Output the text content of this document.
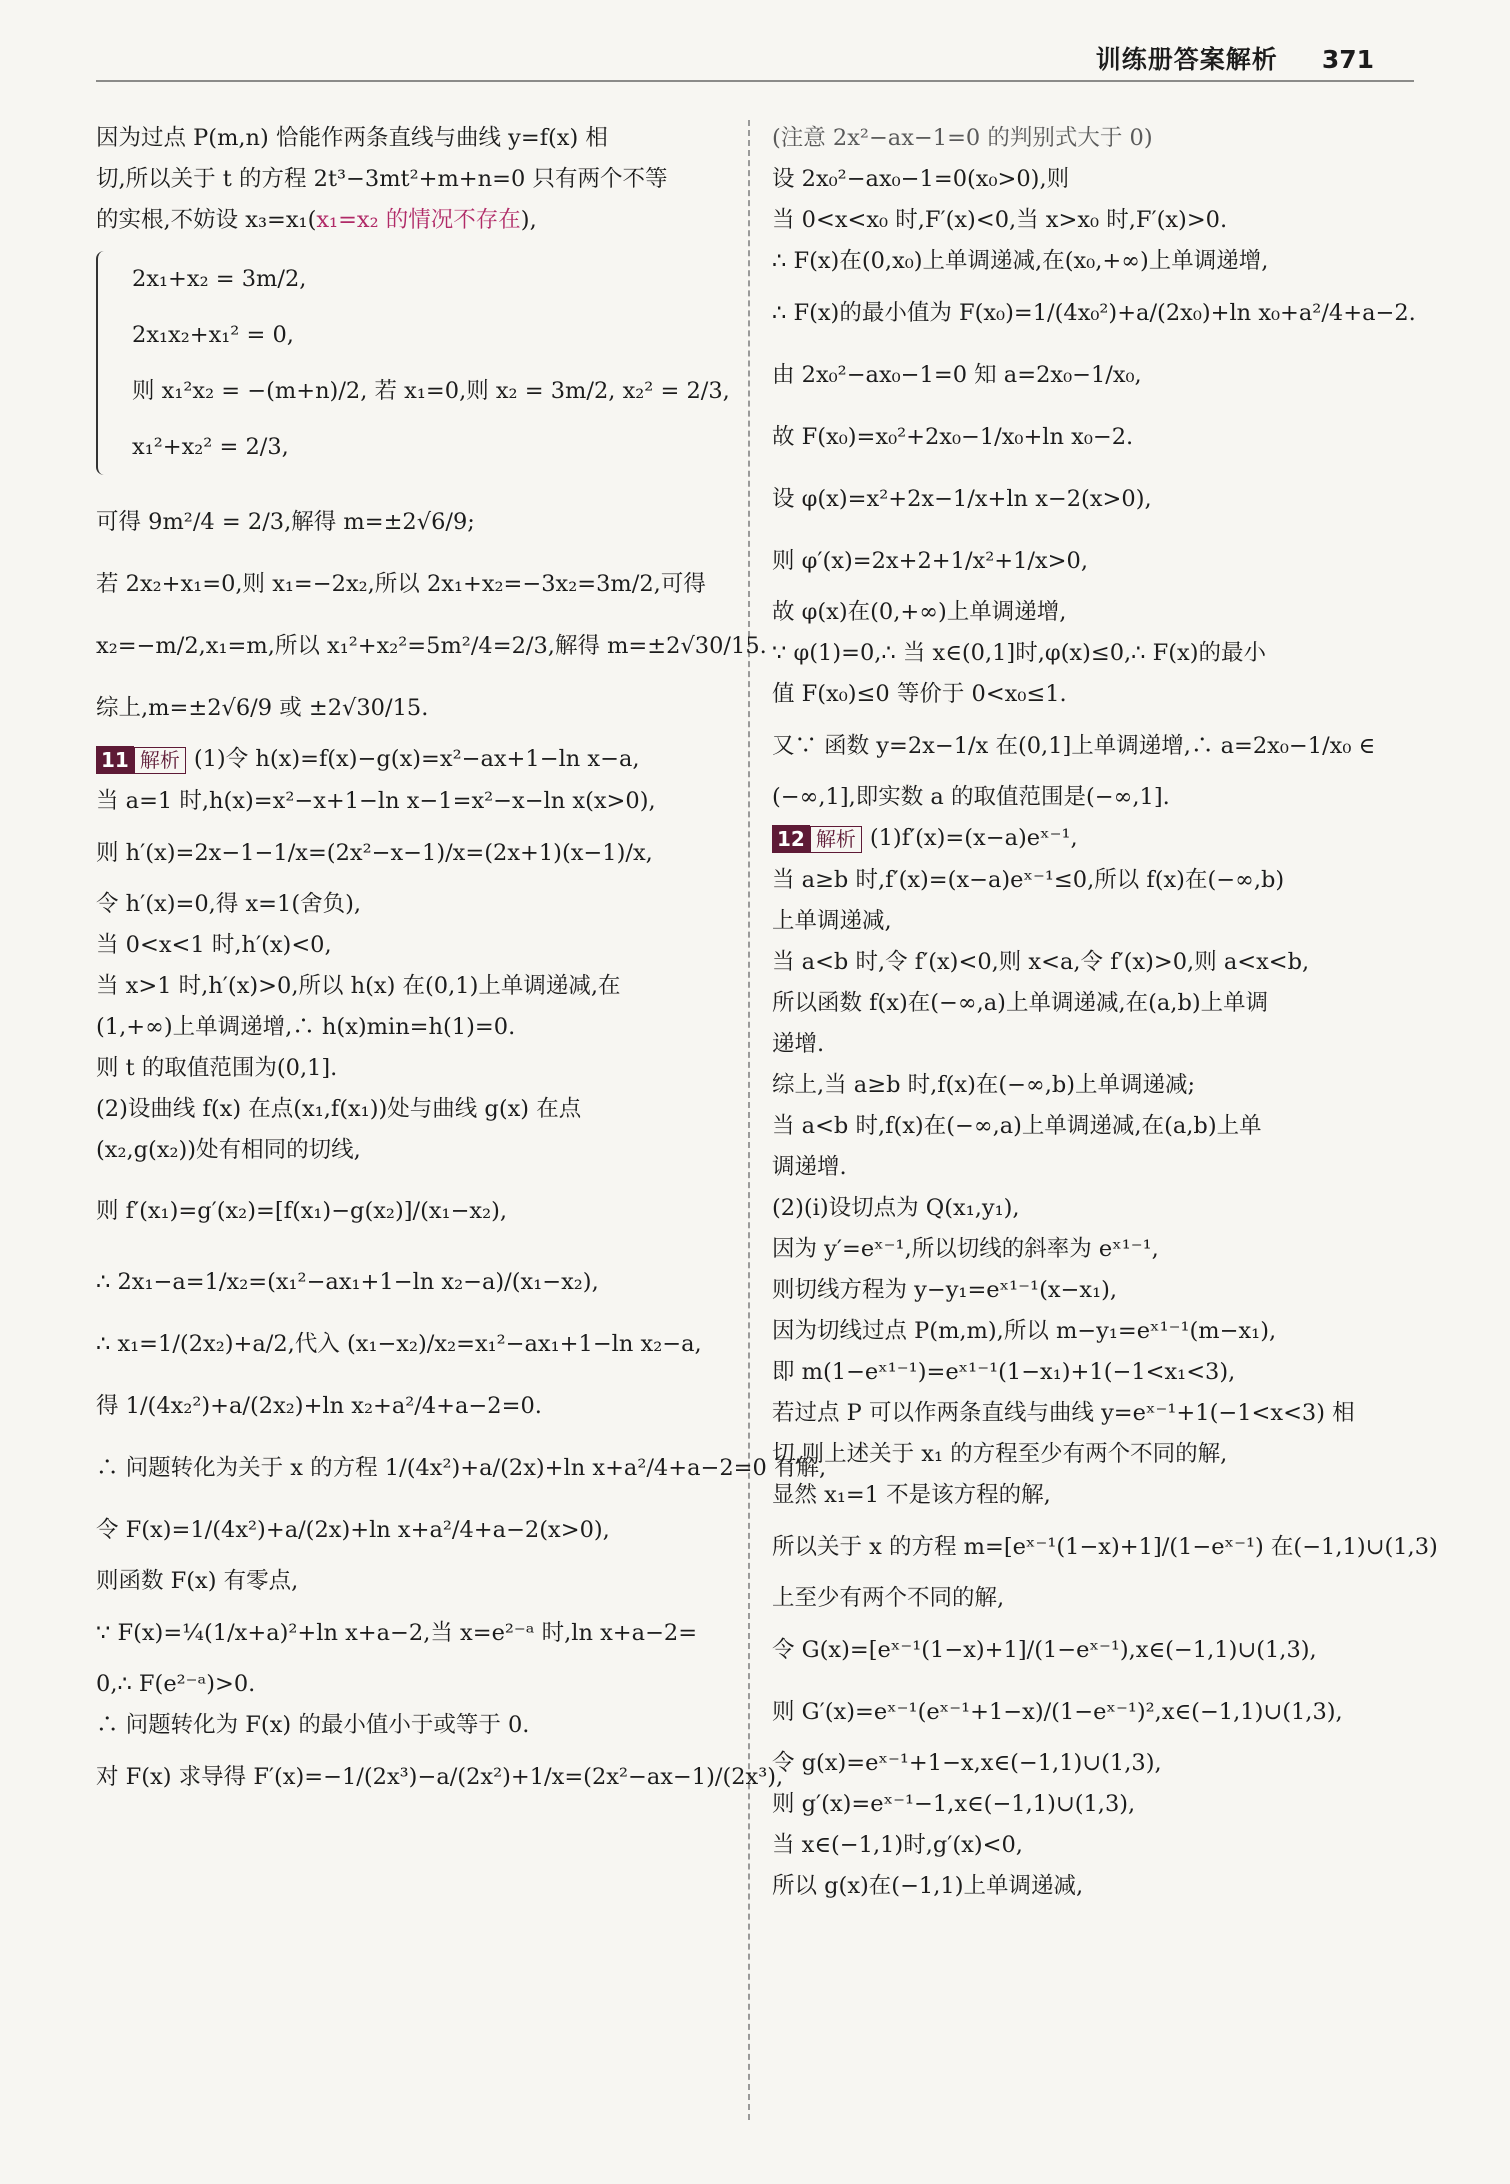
训练册答案解析 371
因为过点 P(m,n) 恰能作两条直线与曲线 y=f(x) 相
切,所以关于 t 的方程 2t³−3mt²+m+n=0 只有两个不等
的实根,不妨设 x₃=x₁(x₁=x₂ 的情况不存在),
2x₁+x₂ = 3m/2,
2x₁x₂+x₁² = 0,
则 x₁²x₂ = −(m+n)/2, 若 x₁=0,则 x₂ = 3m/2, x₂² = 2/3,
x₁²+x₂² = 2/3,
可得 9m²/4 = 2/3,解得 m=±2√6/9;
若 2x₂+x₁=0,则 x₁=−2x₂,所以 2x₁+x₂=−3x₂=3m/2,可得
x₂=−m/2,x₁=m,所以 x₁²+x₂²=5m²/4=2/3,解得 m=±2√30/15.
综上,m=±2√6/9 或 ±2√30/15.
11 解析 (1)令 h(x)=f(x)−g(x)=x²−ax+1−ln x−a,
当 a=1 时,h(x)=x²−x+1−ln x−1=x²−x−ln x(x>0),
则 h′(x)=2x−1−1/x=(2x²−x−1)/x=(2x+1)(x−1)/x,
令 h′(x)=0,得 x=1(舍负),
当 0<x<1 时,h′(x)<0,
当 x>1 时,h′(x)>0,所以 h(x) 在(0,1)上单调递减,在
(1,+∞)上单调递增,∴ h(x)min=h(1)=0.
则 t 的取值范围为(0,1].
(2)设曲线 f(x) 在点(x₁,f(x₁))处与曲线 g(x) 在点
(x₂,g(x₂))处有相同的切线,
则 f′(x₁)=g′(x₂)=[f(x₁)−g(x₂)]/(x₁−x₂),
∴ 2x₁−a=1/x₂=(x₁²−ax₁+1−ln x₂−a)/(x₁−x₂),
∴ x₁=1/(2x₂)+a/2,代入 (x₁−x₂)/x₂=x₁²−ax₁+1−ln x₂−a,
得 1/(4x₂²)+a/(2x₂)+ln x₂+a²/4+a−2=0.
∴ 问题转化为关于 x 的方程 1/(4x²)+a/(2x)+ln x+a²/4+a−2=0 有解,
令 F(x)=1/(4x²)+a/(2x)+ln x+a²/4+a−2(x>0),
则函数 F(x) 有零点,
∵ F(x)=¼(1/x+a)²+ln x+a−2,当 x=e²⁻ᵃ 时,ln x+a−2=
0,∴ F(e²⁻ᵃ)>0.
∴ 问题转化为 F(x) 的最小值小于或等于 0.
对 F(x) 求导得 F′(x)=−1/(2x³)−a/(2x²)+1/x=(2x²−ax−1)/(2x³),
(注意 2x²−ax−1=0 的判别式大于 0)
设 2x₀²−ax₀−1=0(x₀>0),则
当 0<x<x₀ 时,F′(x)<0,当 x>x₀ 时,F′(x)>0.
∴ F(x)在(0,x₀)上单调递减,在(x₀,+∞)上单调递增,
∴ F(x)的最小值为 F(x₀)=1/(4x₀²)+a/(2x₀)+ln x₀+a²/4+a−2.
由 2x₀²−ax₀−1=0 知 a=2x₀−1/x₀,
故 F(x₀)=x₀²+2x₀−1/x₀+ln x₀−2.
设 φ(x)=x²+2x−1/x+ln x−2(x>0),
则 φ′(x)=2x+2+1/x²+1/x>0,
故 φ(x)在(0,+∞)上单调递增,
∵ φ(1)=0,∴ 当 x∈(0,1]时,φ(x)≤0,∴ F(x)的最小
值 F(x₀)≤0 等价于 0<x₀≤1.
又∵ 函数 y=2x−1/x 在(0,1]上单调递增,∴ a=2x₀−1/x₀ ∈
(−∞,1],即实数 a 的取值范围是(−∞,1].
12 解析 (1)f′(x)=(x−a)eˣ⁻¹,
当 a≥b 时,f′(x)=(x−a)eˣ⁻¹≤0,所以 f(x)在(−∞,b)
上单调递减,
当 a<b 时,令 f′(x)<0,则 x<a,令 f′(x)>0,则 a<x<b,
所以函数 f(x)在(−∞,a)上单调递减,在(a,b)上单调
递增.
综上,当 a≥b 时,f(x)在(−∞,b)上单调递减;
当 a<b 时,f(x)在(−∞,a)上单调递减,在(a,b)上单
调递增.
(2)(i)设切点为 Q(x₁,y₁),
因为 y′=eˣ⁻¹,所以切线的斜率为 eˣ¹⁻¹,
则切线方程为 y−y₁=eˣ¹⁻¹(x−x₁),
因为切线过点 P(m,m),所以 m−y₁=eˣ¹⁻¹(m−x₁),
即 m(1−eˣ¹⁻¹)=eˣ¹⁻¹(1−x₁)+1(−1<x₁<3),
若过点 P 可以作两条直线与曲线 y=eˣ⁻¹+1(−1<x<3) 相
切,则上述关于 x₁ 的方程至少有两个不同的解,
显然 x₁=1 不是该方程的解,
所以关于 x 的方程 m=[eˣ⁻¹(1−x)+1]/(1−eˣ⁻¹) 在(−1,1)∪(1,3)
上至少有两个不同的解,
令 G(x)=[eˣ⁻¹(1−x)+1]/(1−eˣ⁻¹),x∈(−1,1)∪(1,3),
则 G′(x)=eˣ⁻¹(eˣ⁻¹+1−x)/(1−eˣ⁻¹)²,x∈(−1,1)∪(1,3),
令 g(x)=eˣ⁻¹+1−x,x∈(−1,1)∪(1,3),
则 g′(x)=eˣ⁻¹−1,x∈(−1,1)∪(1,3),
当 x∈(−1,1)时,g′(x)<0,
所以 g(x)在(−1,1)上单调递减,
